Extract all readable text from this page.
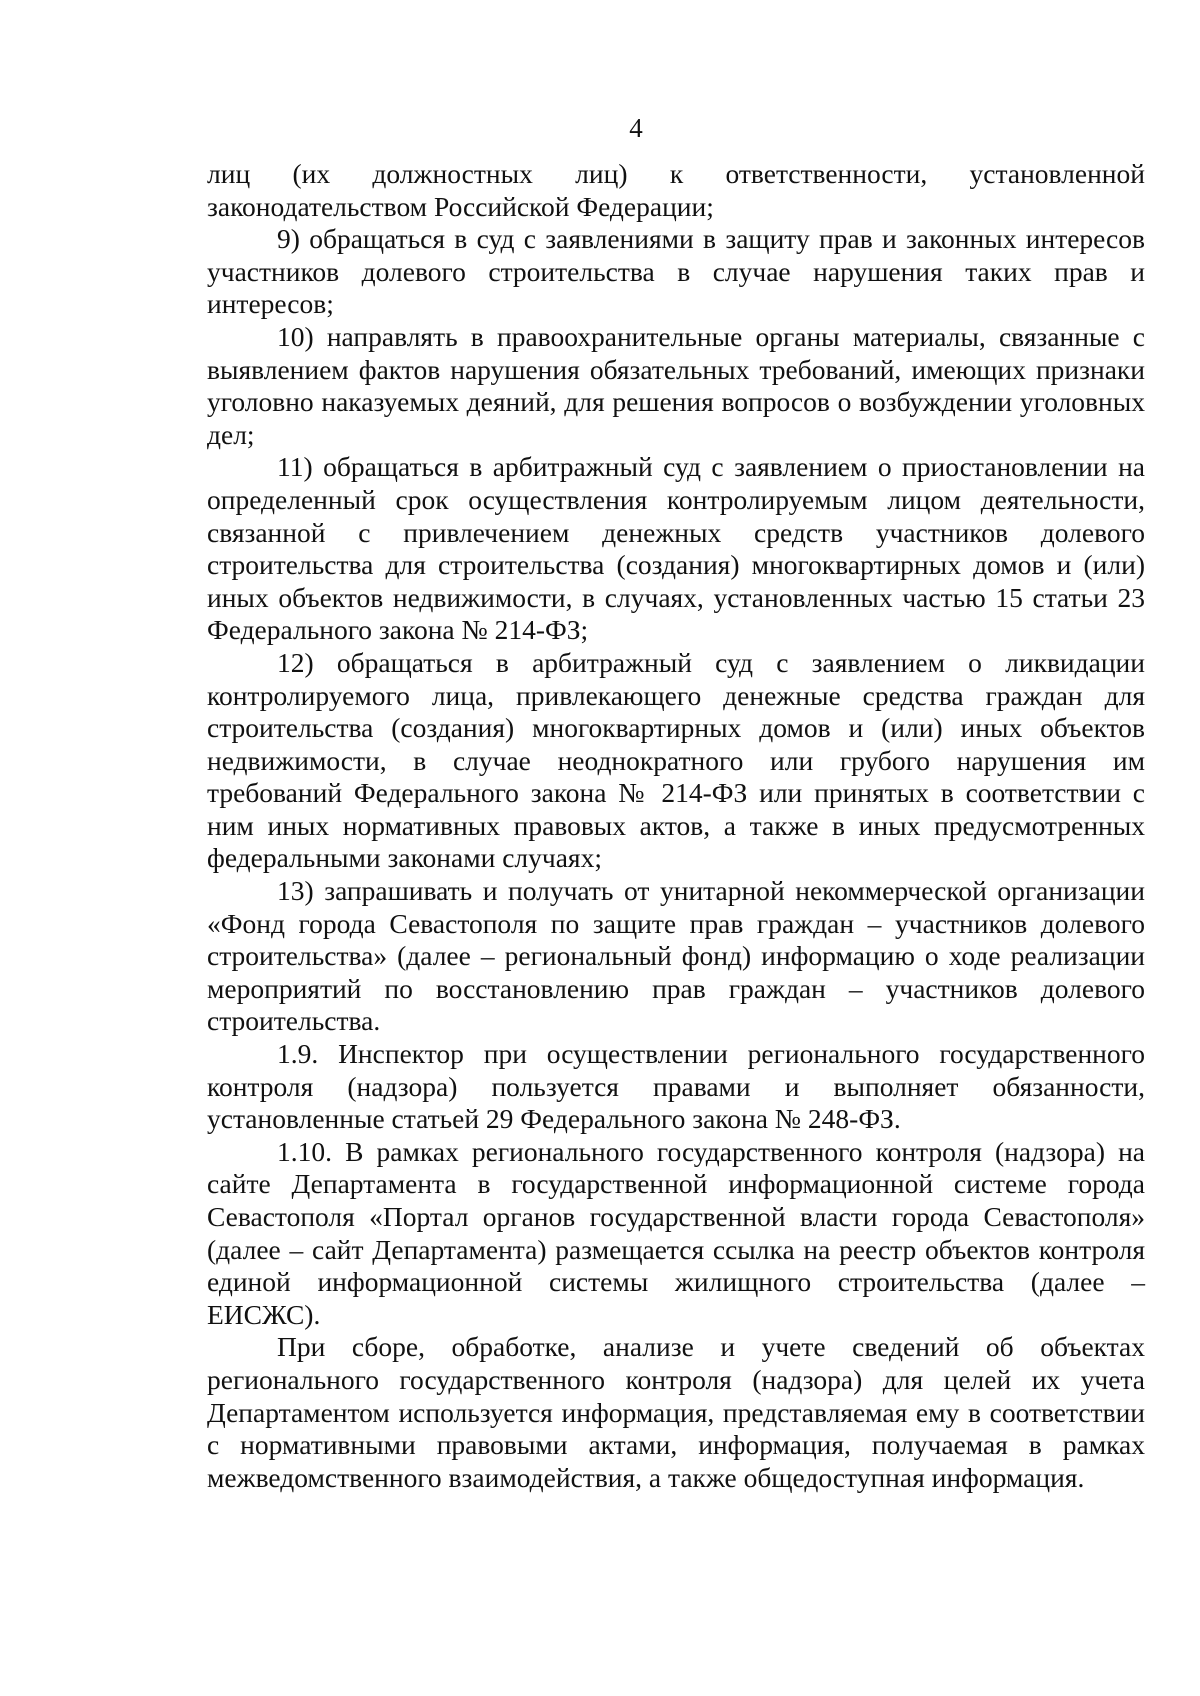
4

лиц (их должностных лиц) к ответственности, установленной законодательством Российской Федерации;

9) обращаться в суд с заявлениями в защиту прав и законных интересов участников долевого строительства в случае нарушения таких прав и интересов;

10) направлять в правоохранительные органы материалы, связанные с выявлением фактов нарушения обязательных требований, имеющих признаки уголовно наказуемых деяний, для решения вопросов о возбуждении уголовных дел;

11) обращаться в арбитражный суд с заявлением о приостановлении на определенный срок осуществления контролируемым лицом деятельности, связанной с привлечением денежных средств участников долевого строительства для строительства (создания) многоквартирных домов и (или) иных объектов недвижимости, в случаях, установленных частью 15 статьи 23 Федерального закона № 214-ФЗ;

12) обращаться в арбитражный суд с заявлением о ликвидации контролируемого лица, привлекающего денежные средства граждан для строительства (создания) многоквартирных домов и (или) иных объектов недвижимости, в случае неоднократного или грубого нарушения им требований Федерального закона № 214-ФЗ или принятых в соответствии с ним иных нормативных правовых актов, а также в иных предусмотренных федеральными законами случаях;

13) запрашивать и получать от унитарной некоммерческой организации «Фонд города Севастополя по защите прав граждан – участников долевого строительства» (далее – региональный фонд) информацию о ходе реализации мероприятий по восстановлению прав граждан – участников долевого строительства.

1.9. Инспектор при осуществлении регионального государственного контроля (надзора) пользуется правами и выполняет обязанности, установленные статьей 29 Федерального закона № 248-ФЗ.

1.10. В рамках регионального государственного контроля (надзора) на сайте Департамента в государственной информационной системе города Севастополя «Портал органов государственной власти города Севастополя» (далее – сайт Департамента) размещается ссылка на реестр объектов контроля единой информационной системы жилищного строительства (далее – ЕИСЖС).

При сборе, обработке, анализе и учете сведений об объектах регионального государственного контроля (надзора) для целей их учета Департаментом используется информация, представляемая ему в соответствии с нормативными правовыми актами, информация, получаемая в рамках межведомственного взаимодействия, а также общедоступная информация.
